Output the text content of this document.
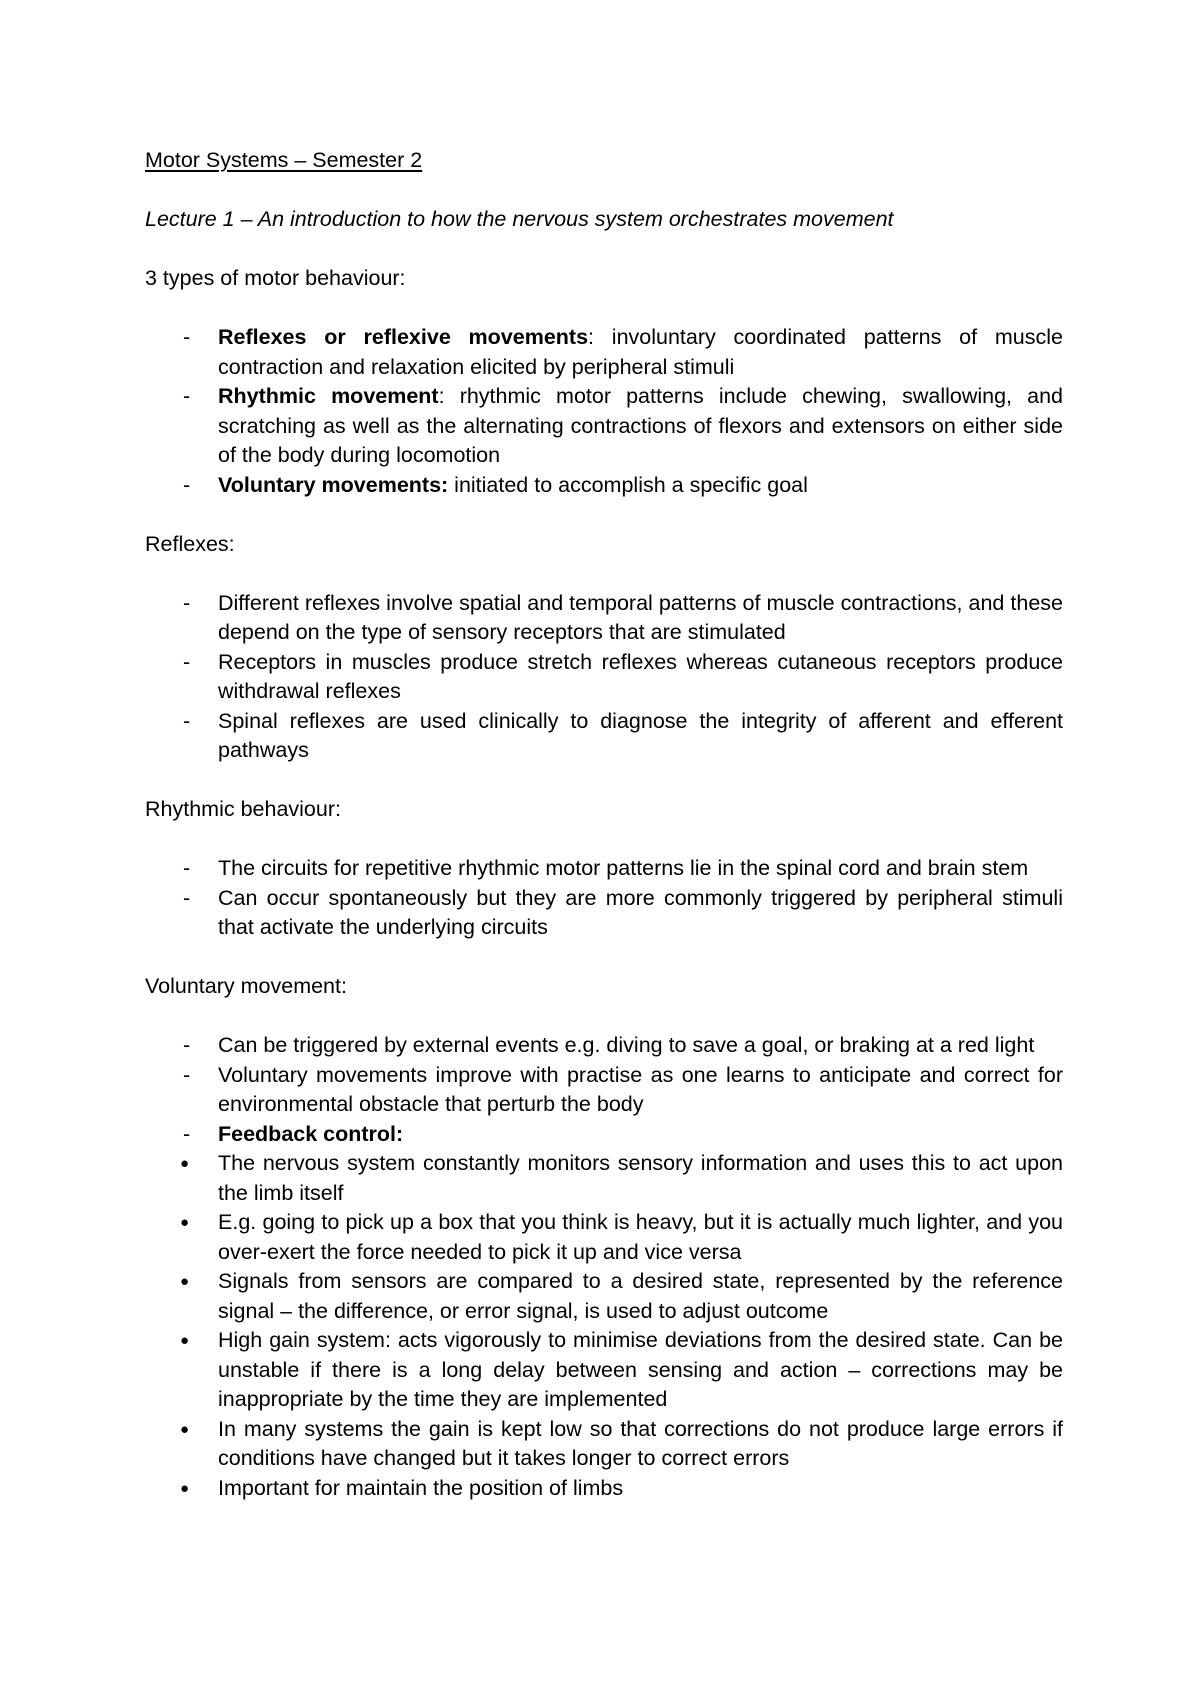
Motor Systems – Semester 2

Lecture 1 – An introduction to how the nervous system orchestrates movement

3 types of motor behaviour:

- Reflexes or reflexive movements: involuntary coordinated patterns of muscle contraction and relaxation elicited by peripheral stimuli
- Rhythmic movement: rhythmic motor patterns include chewing, swallowing, and scratching as well as the alternating contractions of flexors and extensors on either side of the body during locomotion
- Voluntary movements: initiated to accomplish a specific goal

Reflexes:

- Different reflexes involve spatial and temporal patterns of muscle contractions, and these depend on the type of sensory receptors that are stimulated
- Receptors in muscles produce stretch reflexes whereas cutaneous receptors produce withdrawal reflexes
- Spinal reflexes are used clinically to diagnose the integrity of afferent and efferent pathways

Rhythmic behaviour:

- The circuits for repetitive rhythmic motor patterns lie in the spinal cord and brain stem
- Can occur spontaneously but they are more commonly triggered by peripheral stimuli that activate the underlying circuits

Voluntary movement:

- Can be triggered by external events e.g. diving to save a goal, or braking at a red light
- Voluntary movements improve with practise as one learns to anticipate and correct for environmental obstacle that perturb the body
- Feedback control:
● The nervous system constantly monitors sensory information and uses this to act upon the limb itself
● E.g. going to pick up a box that you think is heavy, but it is actually much lighter, and you over-exert the force needed to pick it up and vice versa
● Signals from sensors are compared to a desired state, represented by the reference signal – the difference, or error signal, is used to adjust outcome
● High gain system: acts vigorously to minimise deviations from the desired state. Can be unstable if there is a long delay between sensing and action – corrections may be inappropriate by the time they are implemented
● In many systems the gain is kept low so that corrections do not produce large errors if conditions have changed but it takes longer to correct errors
● Important for maintain the position of limbs
